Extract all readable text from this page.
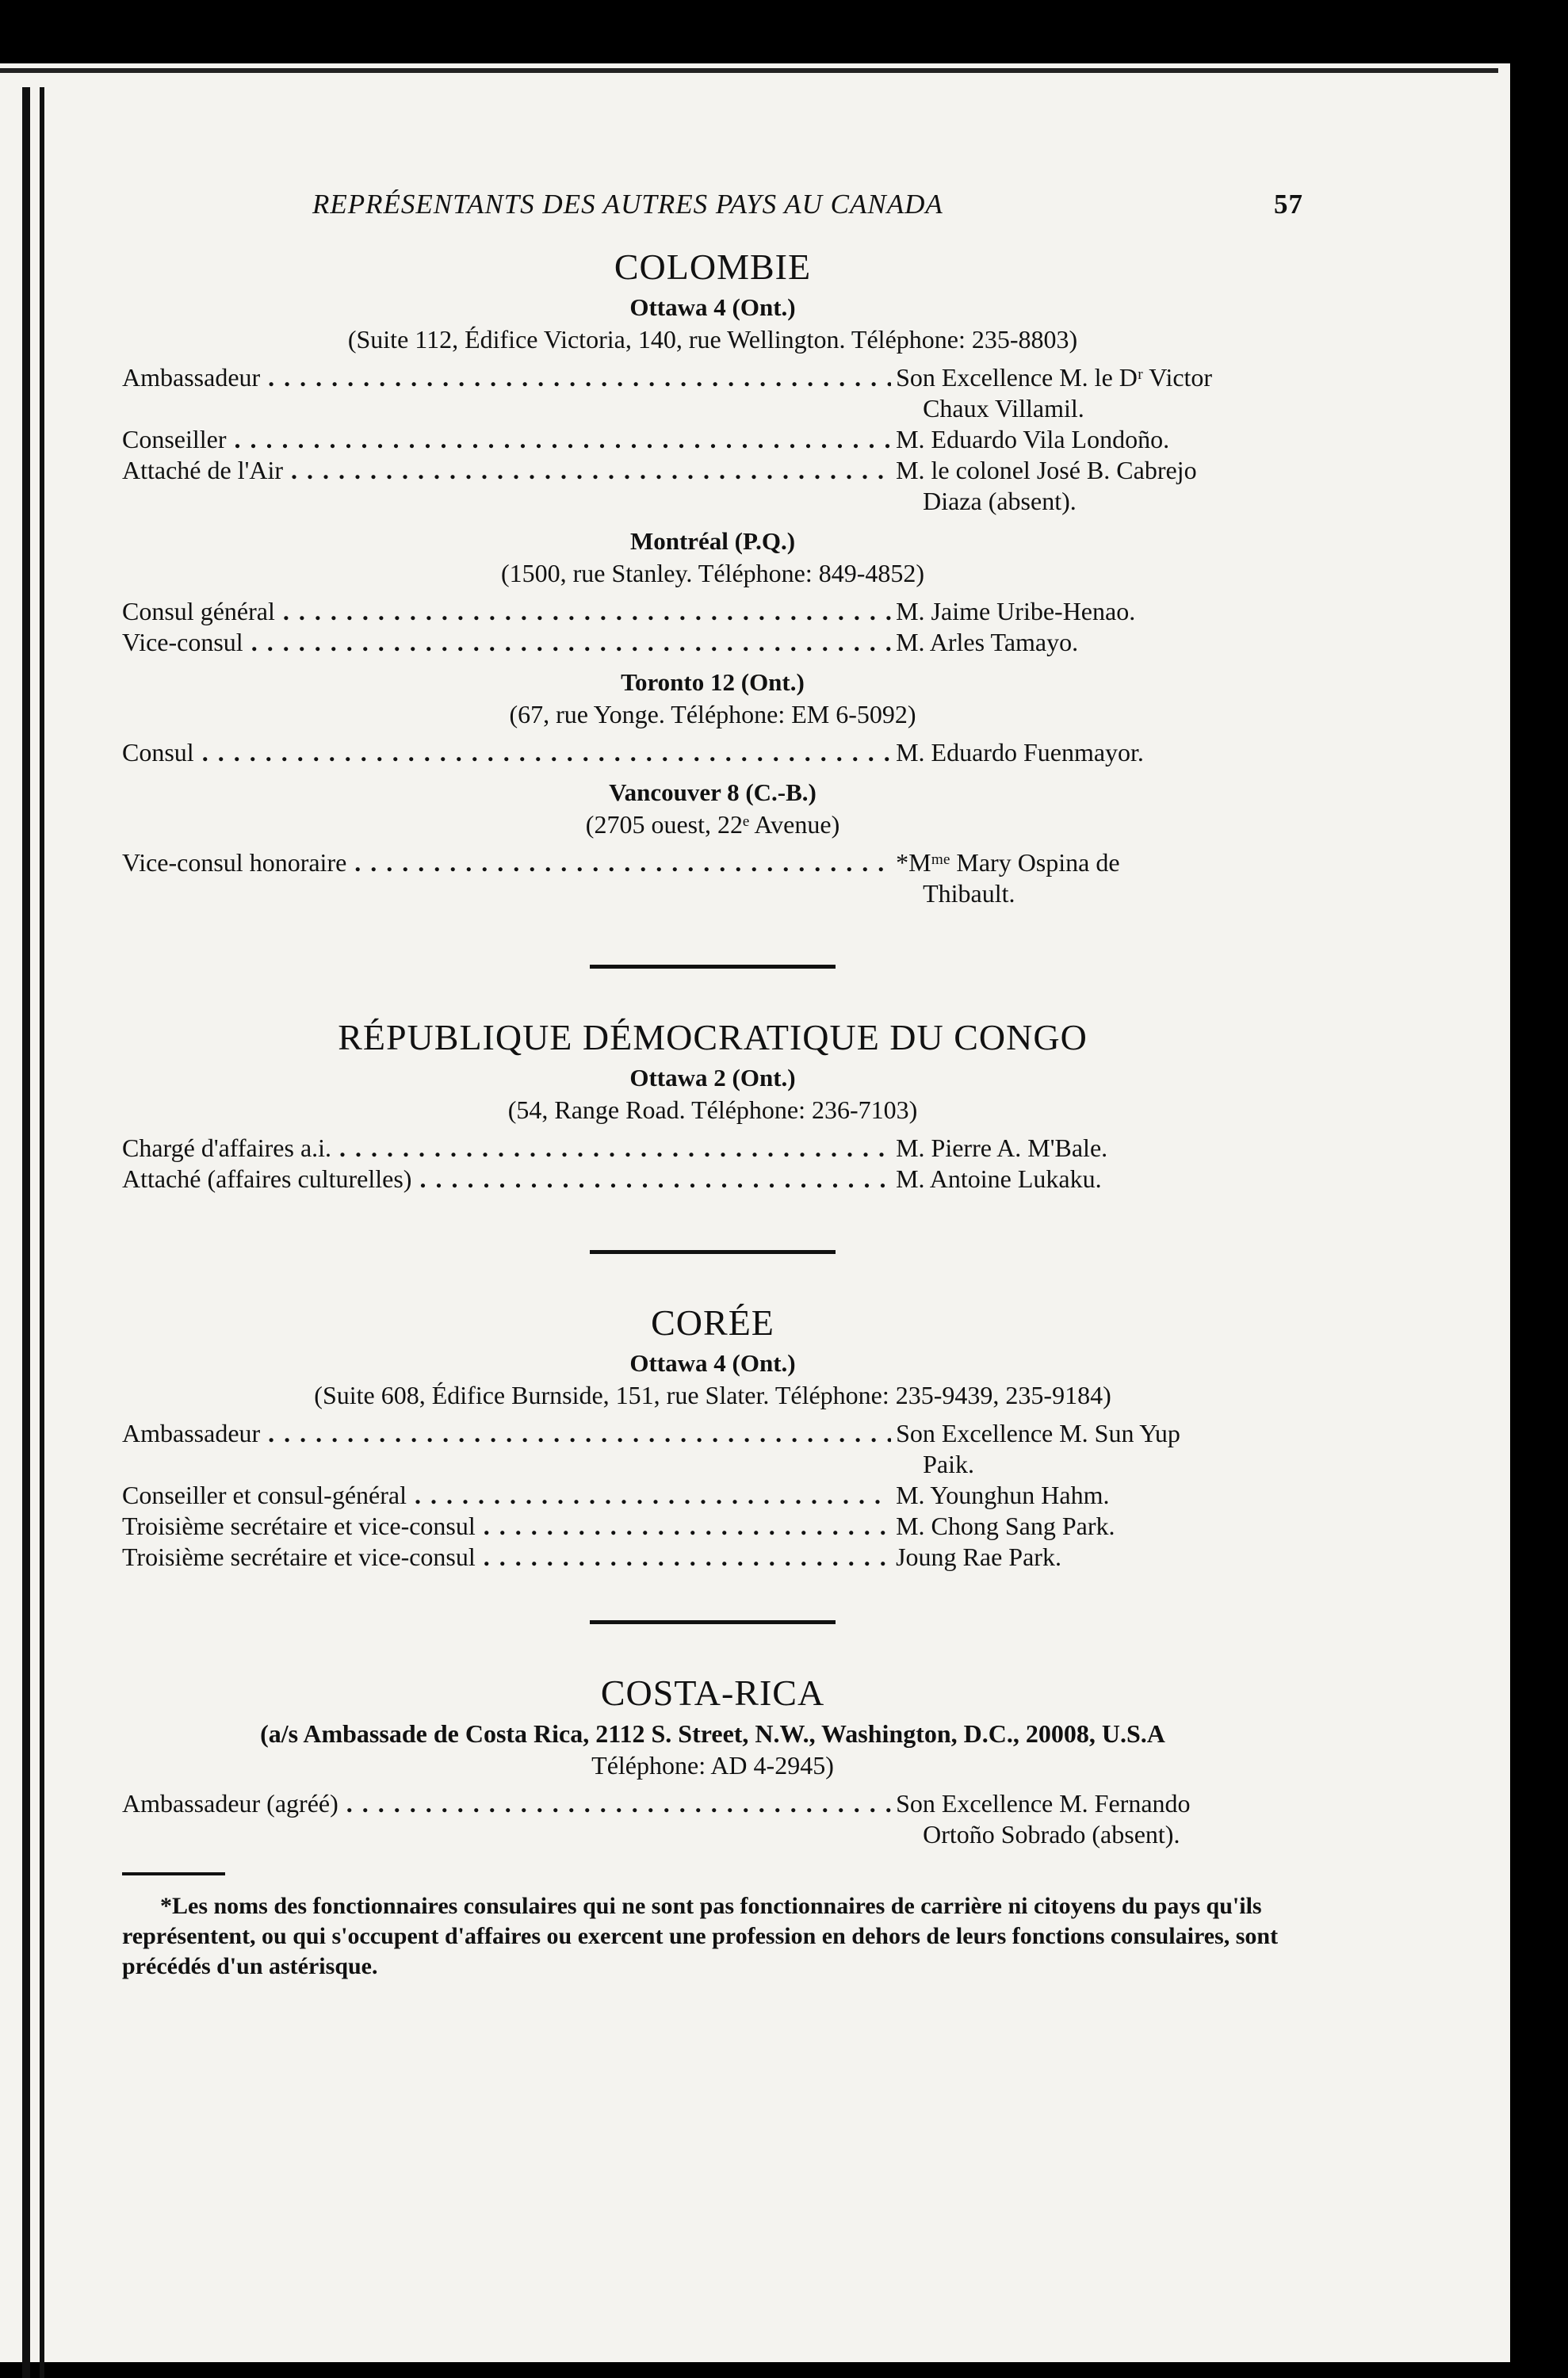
REPRÉSENTANTS DES AUTRES PAYS AU CANADA	57
COLOMBIE
Ottawa 4 (Ont.)
(Suite 112, Édifice Victoria, 140, rue Wellington. Téléphone: 235-8803)
Ambassadeur . . .	Son Excellence M. le Dʳ Victor
Chaux Villamil.
Conseiller . . .	M. Eduardo Vila Londoño.
Attaché de l'Air . . .	M. le colonel José B. Cabrejo
Diaza (absent).
Montréal (P.Q.)
(1500, rue Stanley. Téléphone: 849-4852)
Consul général . . .	M. Jaime Uribe-Henao.
Vice-consul . . .	M. Arles Tamayo.
Toronto 12 (Ont.)
(67, rue Yonge. Téléphone: EM 6-5092)
Consul . . .	M. Eduardo Fuenmayor.
Vancouver 8 (C.-B.)
(2705 ouest, 22ᵉ Avenue)
Vice-consul honoraire . . .	*Mᵐᵉ Mary Ospina de
Thibault.
RÉPUBLIQUE DÉMOCRATIQUE DU CONGO
Ottawa 2 (Ont.)
(54, Range Road. Téléphone: 236-7103)
Chargé d'affaires a.i. . . .	M. Pierre A. M'Bale.
Attaché (affaires culturelles) . . .	M. Antoine Lukaku.
CORÉE
Ottawa 4 (Ont.)
(Suite 608, Édifice Burnside, 151, rue Slater. Téléphone: 235-9439, 235-9184)
Ambassadeur . . .	Son Excellence M. Sun Yup
Paik.
Conseiller et consul-général . . .	M. Younghun Hahm.
Troisième secrétaire et vice-consul . . .	M. Chong Sang Park.
Troisième secrétaire et vice-consul . . .	Joung Rae Park.
COSTA-RICA
(a/s Ambassade de Costa Rica, 2112 S. Street, N.W., Washington, D.C., 20008, U.S.A
Téléphone: AD 4-2945)
Ambassadeur (agréé) . . .	Son Excellence M. Fernando
Ortoño Sobrado (absent).
*Les noms des fonctionnaires consulaires qui ne sont pas fonctionnaires de carrière ni citoyens du pays qu'ils représentent, ou qui s'occupent d'affaires ou exercent une profession en dehors de leurs fonctions consulaires, sont précédés d'un astérisque.
